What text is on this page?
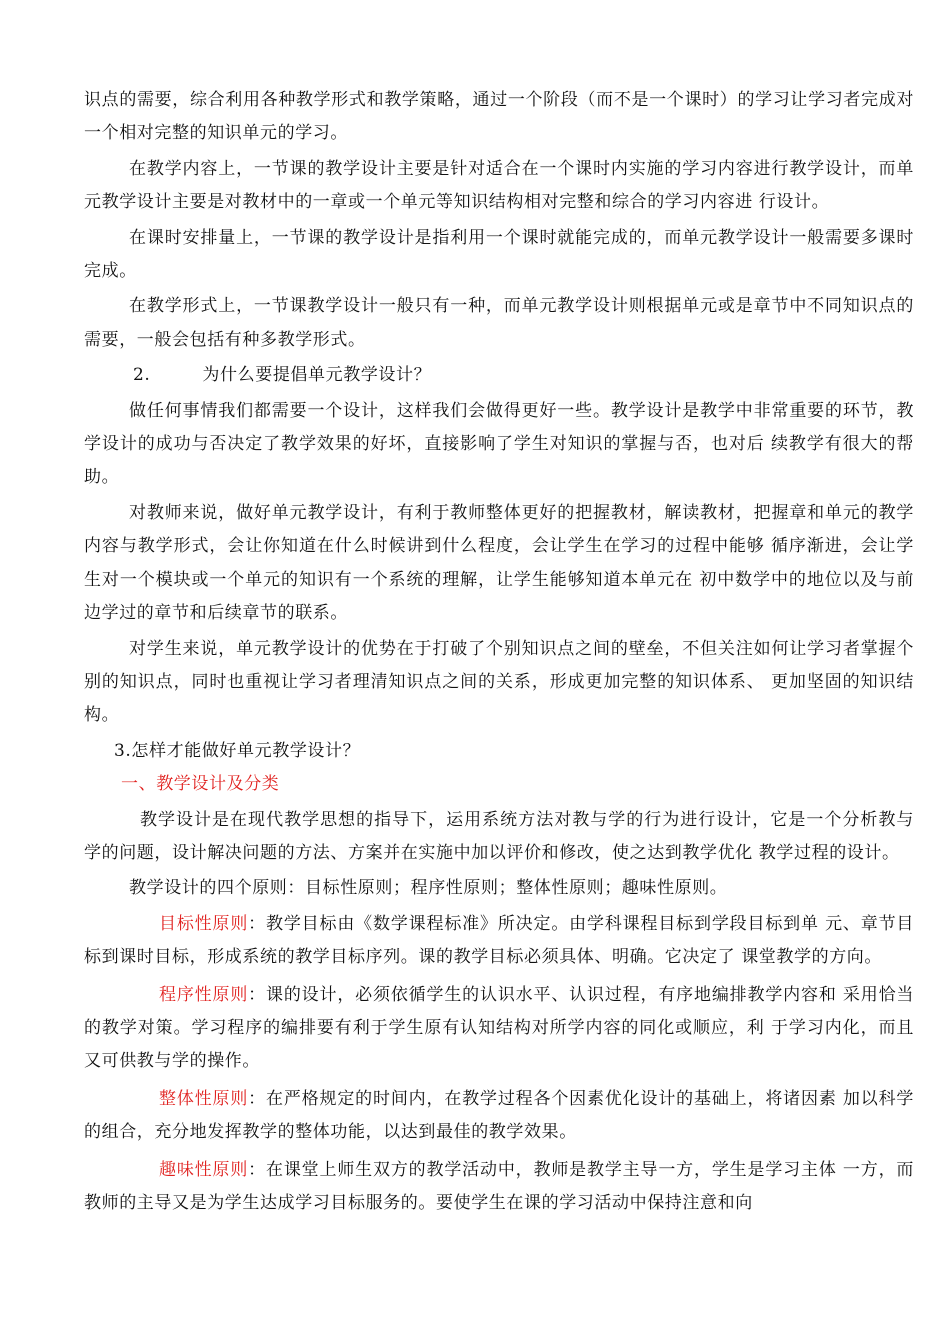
识点的需要，综合利用各种教学形式和教学策略，通过一个阶段（而不是一个课时）的学习让学习者完成对一个相对完整的知识单元的学习。

在教学内容上，一节课的教学设计主要是针对适合在一个课时内实施的学习内容进行教学设计，而单元教学设计主要是对教材中的一章或一个单元等知识结构相对完整和综合的学习内容进 行设计。

在课时安排量上，一节课的教学设计是指利用一个课时就能完成的，而单元教学设计一般需要多课时完成。

在教学形式上，一节课教学设计一般只有一种，而单元教学设计则根据单元或是章节中不同知识点的需要，一般会包括有种多教学形式。

2.	为什么要提倡单元教学设计？

做任何事情我们都需要一个设计，这样我们会做得更好一些。教学设计是教学中非常重要的环节，教学设计的成功与否决定了教学效果的好坏，直接影响了学生对知识的掌握与否，也对后 续教学有很大的帮助。

对教师来说，做好单元教学设计，有利于教师整体更好的把握教材，解读教材，把握章和单元的教学内容与教学形式，会让你知道在什么时候讲到什么程度，会让学生在学习的过程中能够 循序渐进，会让学生对一个模块或一个单元的知识有一个系统的理解，让学生能够知道本单元在 初中数学中的地位以及与前边学过的章节和后续章节的联系。

对学生来说，单元教学设计的优势在于打破了个别知识点之间的壁垒，不但关注如何让学习者掌握个别的知识点，同时也重视让学习者理清知识点之间的关系，形成更加完整的知识体系、 更加坚固的知识结构。

3.怎样才能做好单元教学设计？

一、教学设计及分类

教学设计是在现代教学思想的指导下，运用系统方法对教与学的行为进行设计，它是一个分析教与学的问题，设计解决问题的方法、方案并在实施中加以评价和修改，使之达到教学优化 教学过程的设计。

教学设计的四个原则：目标性原则；程序性原则；整体性原则；趣味性原则。

目标性原则：教学目标由《数学课程标准》所决定。由学科课程目标到学段目标到单 元、章节目标到课时目标，形成系统的教学目标序列。课的教学目标必须具体、明确。它决定了 课堂教学的方向。

程序性原则：课的设计，必须依循学生的认识水平、认识过程，有序地编排教学内容和 采用恰当的教学对策。学习程序的编排要有利于学生原有认知结构对所学内容的同化或顺应，利 于学习内化，而且又可供教与学的操作。

整体性原则：在严格规定的时间内，在教学过程各个因素优化设计的基础上，将诸因素 加以科学的组合，充分地发挥教学的整体功能，以达到最佳的教学效果。

趣味性原则：在课堂上师生双方的教学活动中，教师是教学主导一方，学生是学习主体 一方，而教师的主导又是为学生达成学习目标服务的。要使学生在课的学习活动中保持注意和向
